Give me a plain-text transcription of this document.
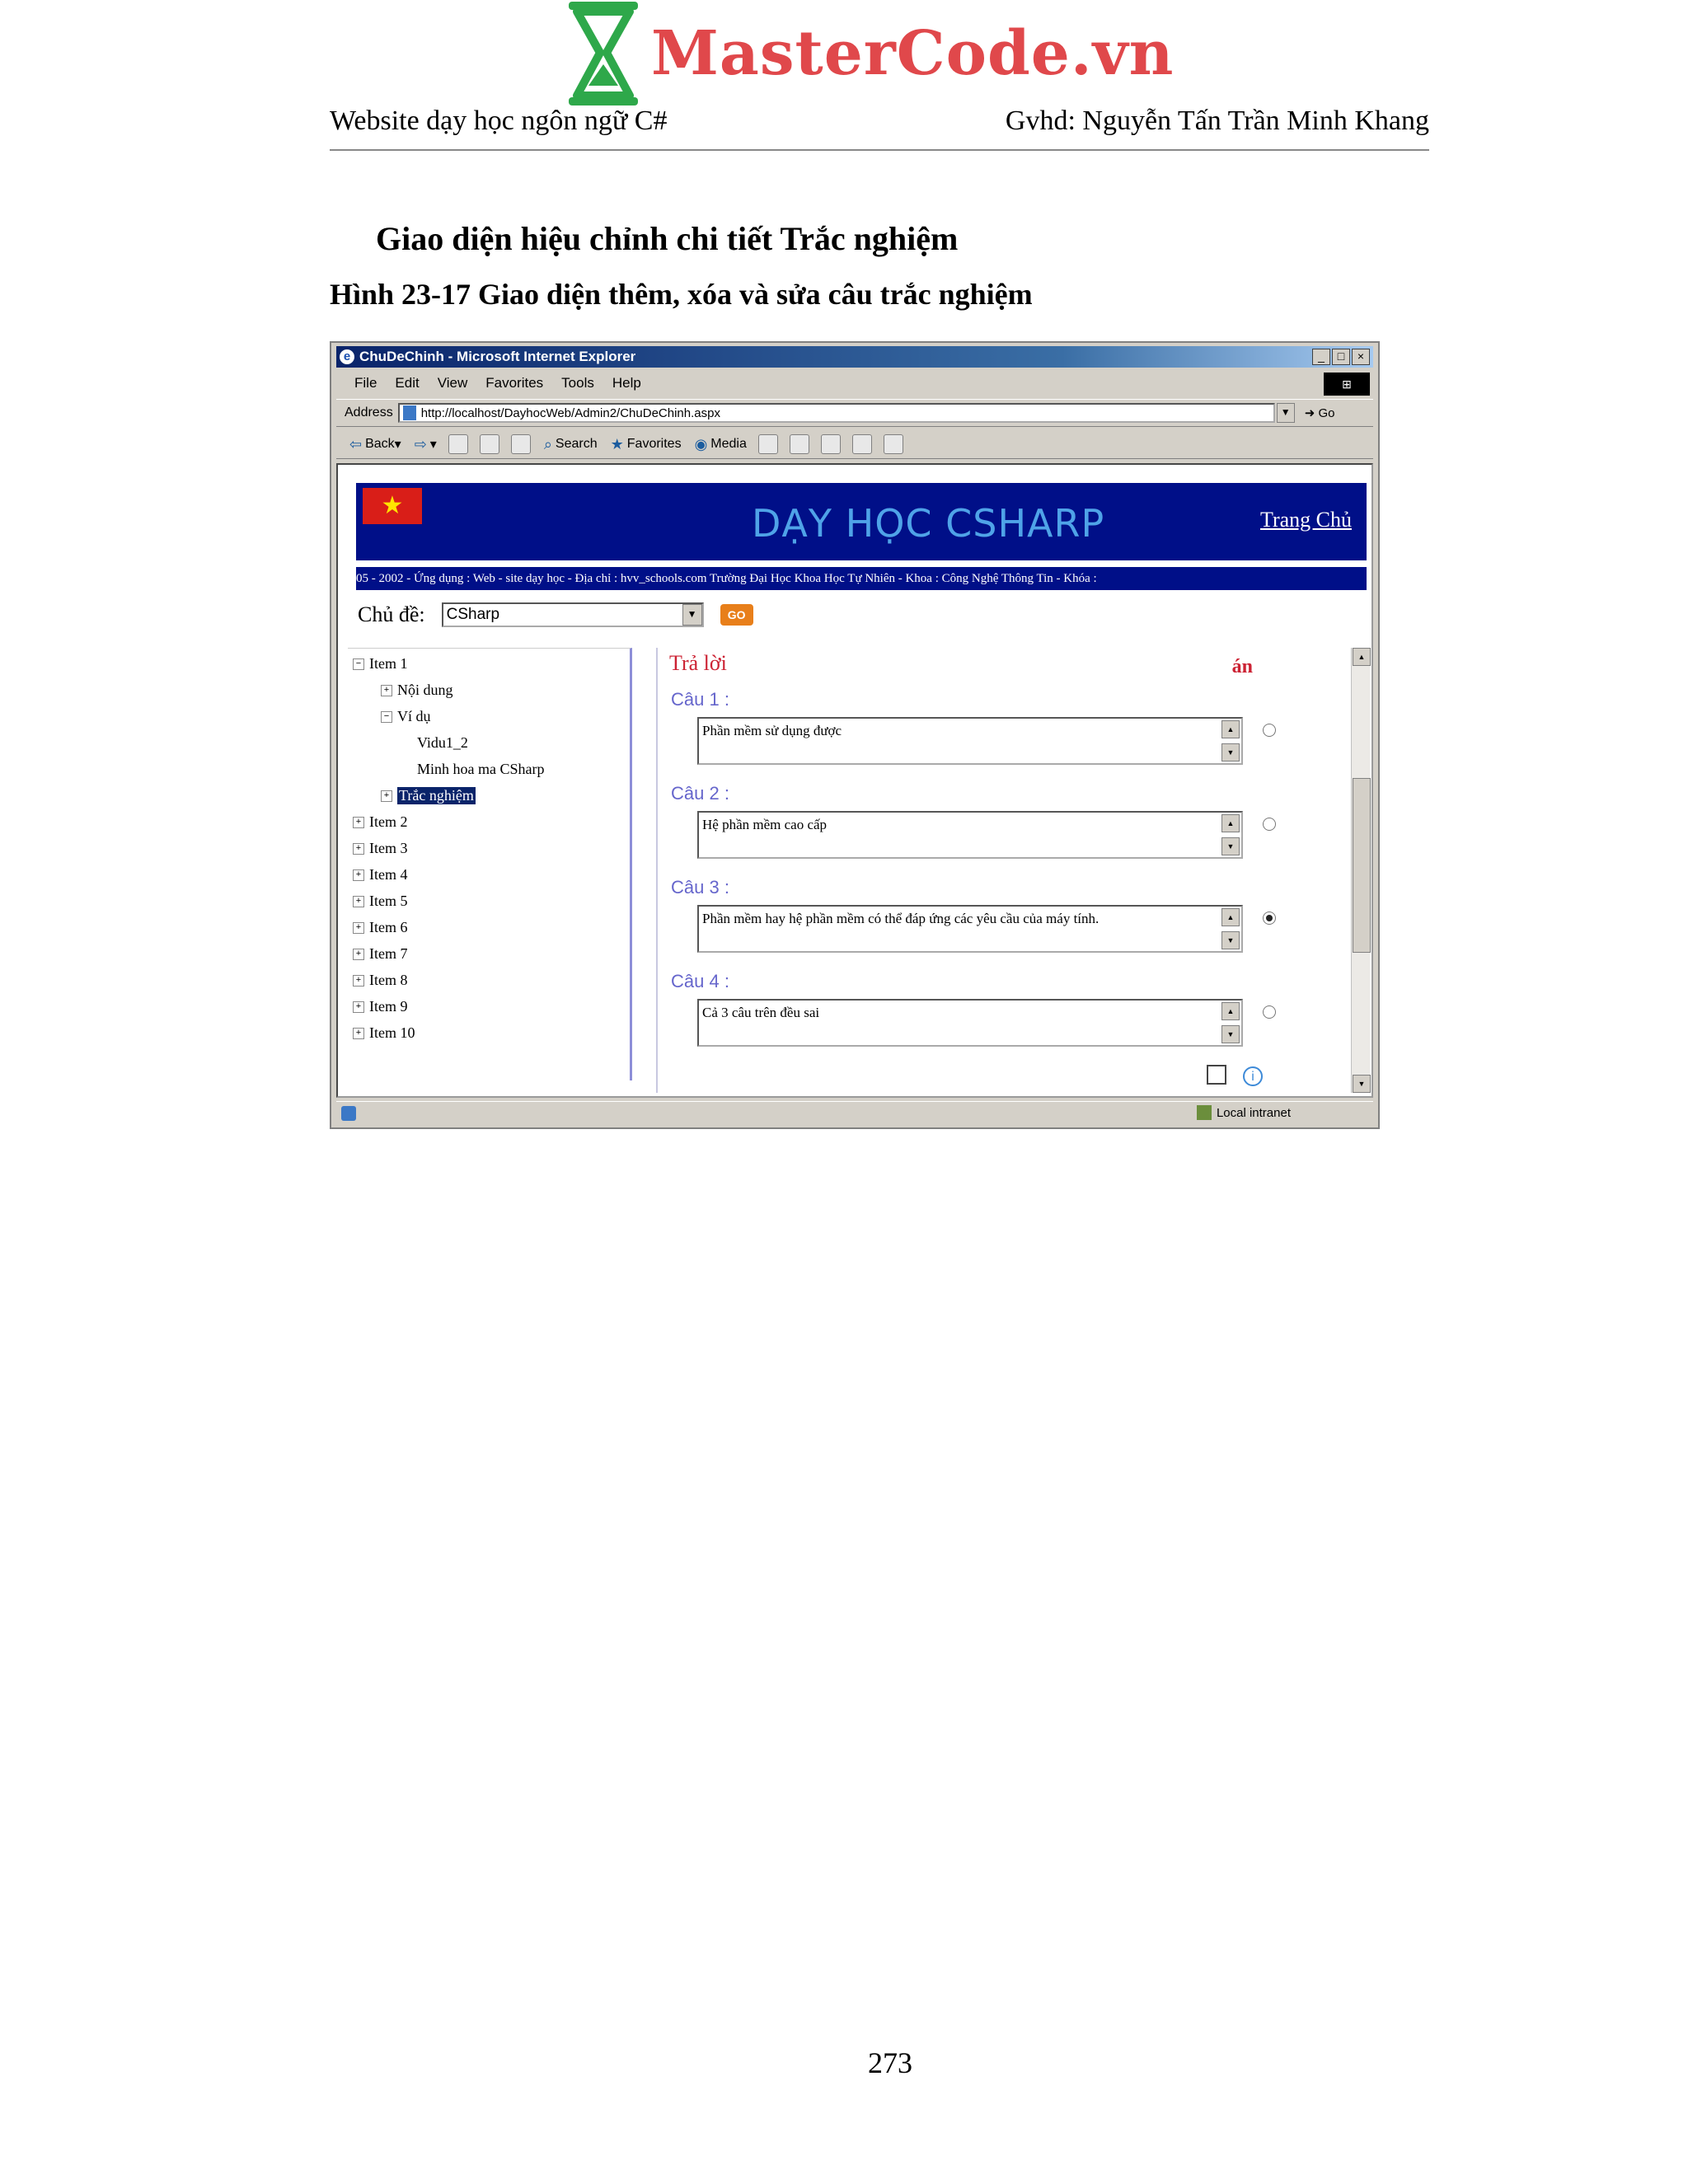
MasterCode.vn
Website dạy học ngôn ngữ C#	Gvhd: Nguyễn Tấn Trần Minh Khang
Giao diện hiệu chỉnh chi tiết Trắc nghiệm
Hình 23-17 Giao diện thêm, xóa và sửa câu trắc nghiệm
e ChuDeChinh - Microsoft Internet Explorer	_	□	×
File Edit View Favorites Tools Help	⊞
Address http://localhost/DayhocWeb/Admin2/ChuDeChinh.aspx	▼	➜ Go
⇦ Back ▾ ⇨ ▾	⌕ Search ★ Favorites ◉ Media
★	DẠY HỌC CSHARP	Trang Chủ
05 - 2002 - Ứng dụng : Web - site dạy học - Địa chỉ : hvv_schools.com Trường Đại Học Khoa Học Tự Nhiên - Khoa : Công Nghệ Thông Tin - Khóa :
Chủ đề: CSharp	▼	GO
− Item 1
+ Nội dung
− Ví dụ
Vidu1_2
Minh hoa ma CSharp
+ Trắc nghiệm
+ Item 2
+ Item 3
+ Item 4
+ Item 5
+ Item 6
+ Item 7
+ Item 8
+ Item 9
+ Item 10
Trả lời	án
Câu 1 :
Phần mềm sử dụng được	▲
▼
Câu 2 :
Hệ phần mềm cao cấp	▲
▼
Câu 3 :
Phần mềm hay hệ phần mềm có thể đáp ứng các yêu cầu của máy tính.	▲
▼
Câu 4 :
Cả 3 câu trên đều sai	▲
▼
i
▲
▼
Local intranet
273
